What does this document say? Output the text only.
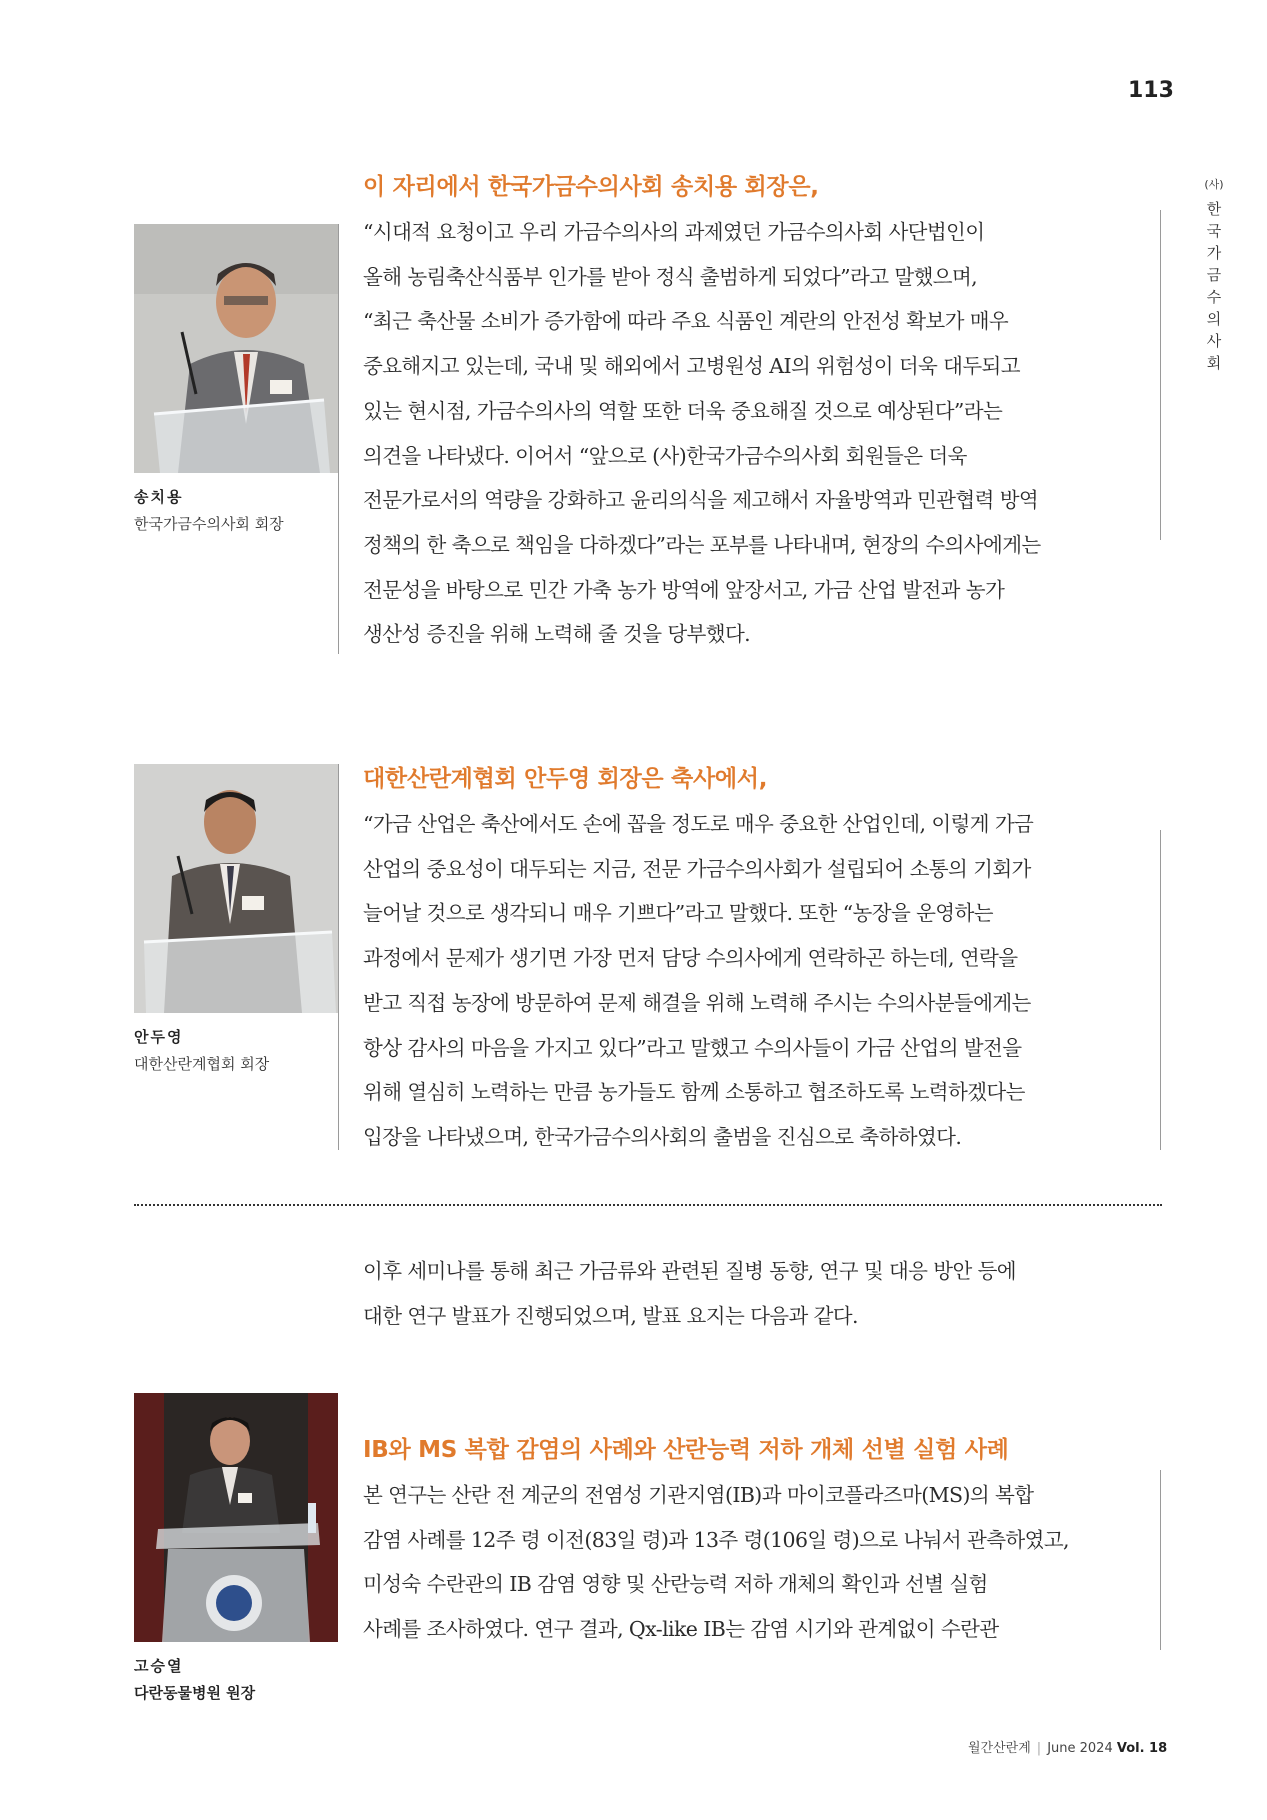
113
(사)
한
국
가
금
수
의
사
회
송치용
한국가금수의사회 회장
이 자리에서 한국가금수의사회 송치용 회장은,
“시대적 요청이고 우리 가금수의사의 과제였던 가금수의사회 사단법인이
올해 농림축산식품부 인가를 받아 정식 출범하게 되었다”라고 말했으며,
“최근 축산물 소비가 증가함에 따라 주요 식품인 계란의 안전성 확보가 매우
중요해지고 있는데, 국내 및 해외에서 고병원성 AI의 위험성이 더욱 대두되고
있는 현시점, 가금수의사의 역할 또한 더욱 중요해질 것으로 예상된다”라는
의견을 나타냈다. 이어서 “앞으로 (사)한국가금수의사회 회원들은 더욱
전문가로서의 역량을 강화하고 윤리의식을 제고해서 자율방역과 민관협력 방역
정책의 한 축으로 책임을 다하겠다”라는 포부를 나타내며, 현장의 수의사에게는
전문성을 바탕으로 민간 가축 농가 방역에 앞장서고, 가금 산업 발전과 농가
생산성 증진을 위해 노력해 줄 것을 당부했다.
안두영
대한산란계협회 회장
대한산란계협회 안두영 회장은 축사에서,
“가금 산업은 축산에서도 손에 꼽을 정도로 매우 중요한 산업인데, 이렇게 가금
산업의 중요성이 대두되는 지금, 전문 가금수의사회가 설립되어 소통의 기회가
늘어날 것으로 생각되니 매우 기쁘다”라고 말했다. 또한 “농장을 운영하는
과정에서 문제가 생기면 가장 먼저 담당 수의사에게 연락하곤 하는데, 연락을
받고 직접 농장에 방문하여 문제 해결을 위해 노력해 주시는 수의사분들에게는
항상 감사의 마음을 가지고 있다”라고 말했고 수의사들이 가금 산업의 발전을
위해 열심히 노력하는 만큼 농가들도 함께 소통하고 협조하도록 노력하겠다는
입장을 나타냈으며, 한국가금수의사회의 출범을 진심으로 축하하였다.
이후 세미나를 통해 최근 가금류와 관련된 질병 동향, 연구 및 대응 방안 등에
대한 연구 발표가 진행되었으며, 발표 요지는 다음과 같다.
고승열
다란동물병원 원장
IB와 MS 복합 감염의 사례와 산란능력 저하 개체 선별 실험 사례
본 연구는 산란 전 계군의 전염성 기관지염(IB)과 마이코플라즈마(MS)의 복합
감염 사례를 12주 령 이전(83일 령)과 13주 령(106일 령)으로 나눠서 관측하였고,
미성숙 수란관의 IB 감염 영향 및 산란능력 저하 개체의 확인과 선별 실험
사례를 조사하였다. 연구 결과, Qx-like IB는 감염 시기와 관계없이 수란관
월간산란계 | June 2024 Vol. 18
